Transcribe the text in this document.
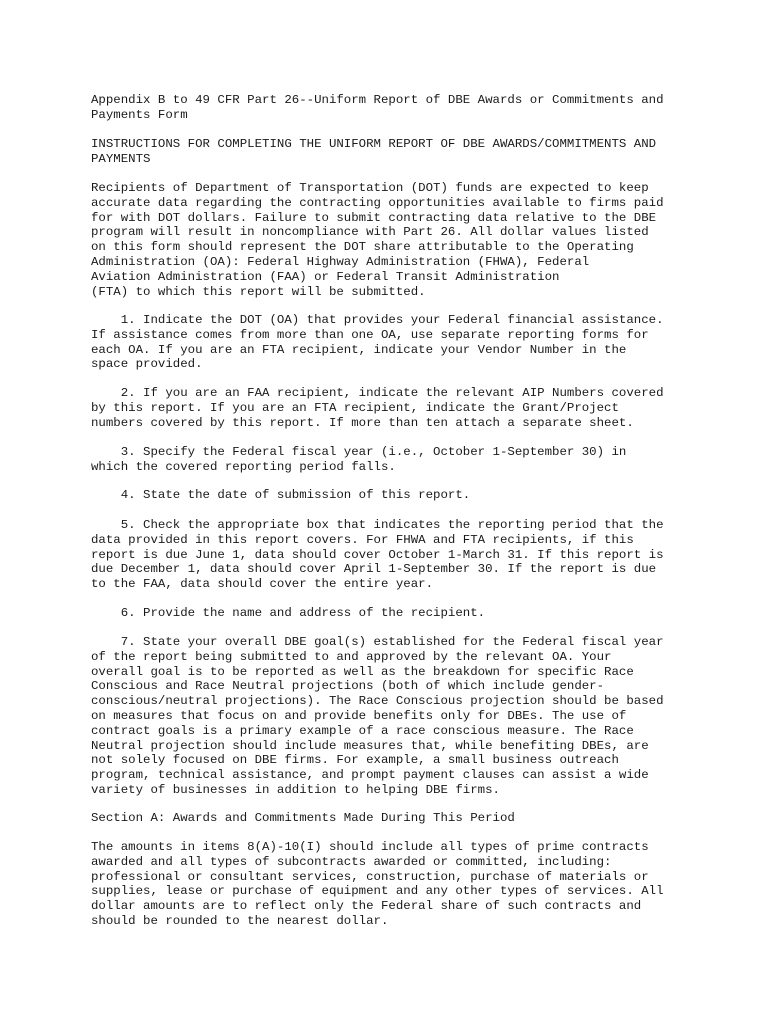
Appendix B to 49 CFR Part 26--Uniform Report of DBE Awards or Commitments and
Payments Form

INSTRUCTIONS FOR COMPLETING THE UNIFORM REPORT OF DBE AWARDS/COMMITMENTS AND
PAYMENTS

Recipients of Department of Transportation (DOT) funds are expected to keep
accurate data regarding the contracting opportunities available to firms paid
for with DOT dollars. Failure to submit contracting data relative to the DBE
program will result in noncompliance with Part 26. All dollar values listed
on this form should represent the DOT share attributable to the Operating
Administration (OA): Federal Highway Administration (FHWA), Federal
Aviation Administration (FAA) or Federal Transit Administration
(FTA) to which this report will be submitted.

1. Indicate the DOT (OA) that provides your Federal financial assistance.
If assistance comes from more than one OA, use separate reporting forms for
each OA. If you are an FTA recipient, indicate your Vendor Number in the
space provided.

2. If you are an FAA recipient, indicate the relevant AIP Numbers covered
by this report. If you are an FTA recipient, indicate the Grant/Project
numbers covered by this report. If more than ten attach a separate sheet.

3. Specify the Federal fiscal year (i.e., October 1-September 30) in
which the covered reporting period falls.

4. State the date of submission of this report.

5. Check the appropriate box that indicates the reporting period that the
data provided in this report covers. For FHWA and FTA recipients, if this
report is due June 1, data should cover October 1-March 31. If this report is
due December 1, data should cover April 1-September 30. If the report is due
to the FAA, data should cover the entire year.

6. Provide the name and address of the recipient.

7. State your overall DBE goal(s) established for the Federal fiscal year
of the report being submitted to and approved by the relevant OA. Your
overall goal is to be reported as well as the breakdown for specific Race
Conscious and Race Neutral projections (both of which include gender-
conscious/neutral projections). The Race Conscious projection should be based
on measures that focus on and provide benefits only for DBEs. The use of
contract goals is a primary example of a race conscious measure. The Race
Neutral projection should include measures that, while benefiting DBEs, are
not solely focused on DBE firms. For example, a small business outreach
program, technical assistance, and prompt payment clauses can assist a wide
variety of businesses in addition to helping DBE firms.

Section A: Awards and Commitments Made During This Period

The amounts in items 8(A)-10(I) should include all types of prime contracts
awarded and all types of subcontracts awarded or committed, including:
professional or consultant services, construction, purchase of materials or
supplies, lease or purchase of equipment and any other types of services. All
dollar amounts are to reflect only the Federal share of such contracts and
should be rounded to the nearest dollar.
